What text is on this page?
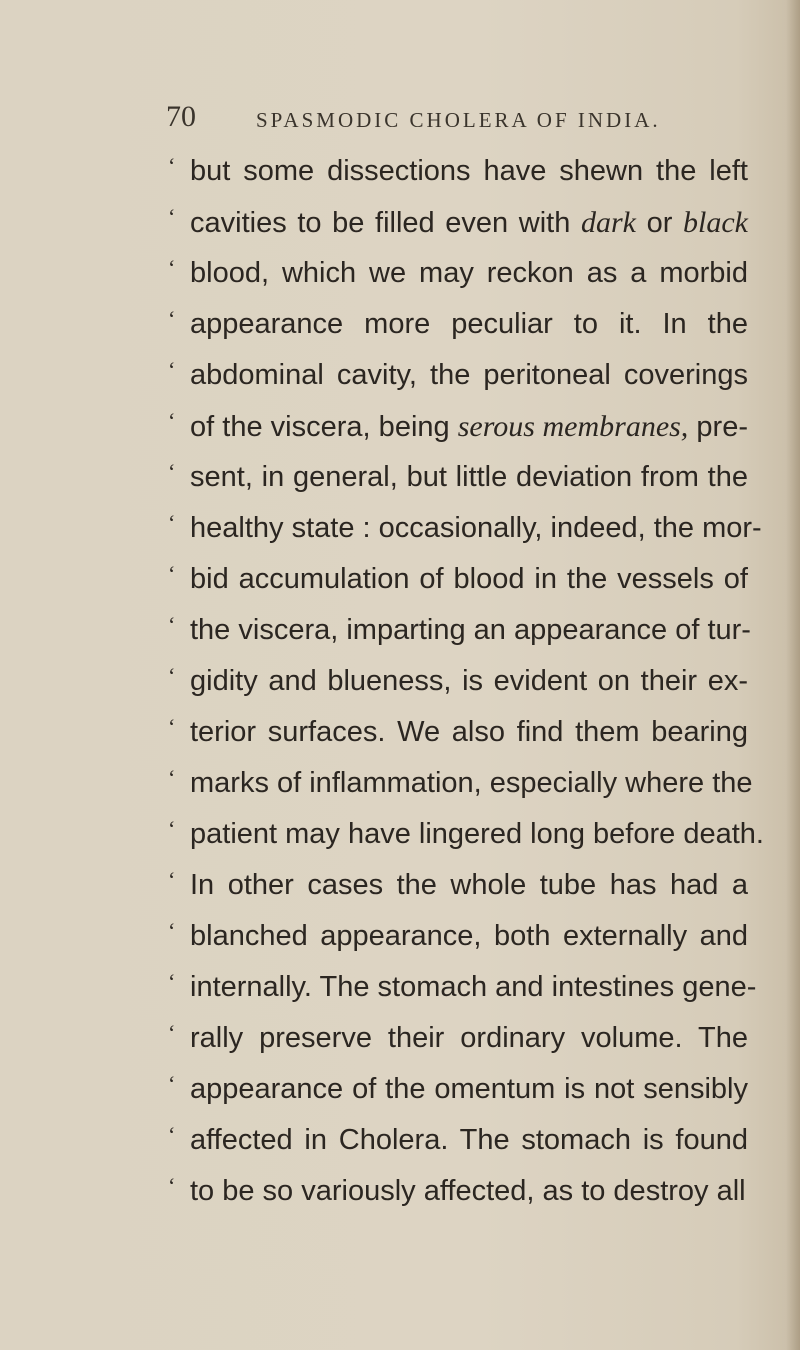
70	SPASMODIC CHOLERA OF INDIA.
‘ but some dissections have shewn the left
‘ cavities to be filled even with dark or black
‘ blood, which we may reckon as a morbid
‘ appearance more peculiar to it. In the
‘ abdominal cavity, the peritoneal coverings
‘ of the viscera, being serous membranes, pre-
‘ sent, in general, but little deviation from the
‘ healthy state : occasionally, indeed, the mor-
‘ bid accumulation of blood in the vessels of
‘ the viscera, imparting an appearance of tur-
‘ gidity and blueness, is evident on their ex-
‘ terior surfaces. We also find them bearing
‘ marks of inflammation, especially where the
‘ patient may have lingered long before death.
‘ In other cases the whole tube has had a
‘ blanched appearance, both externally and
‘ internally. The stomach and intestines gene-
‘ rally preserve their ordinary volume. The
‘ appearance of the omentum is not sensibly
‘ affected in Cholera. The stomach is found
‘ to be so variously affected, as to destroy all
